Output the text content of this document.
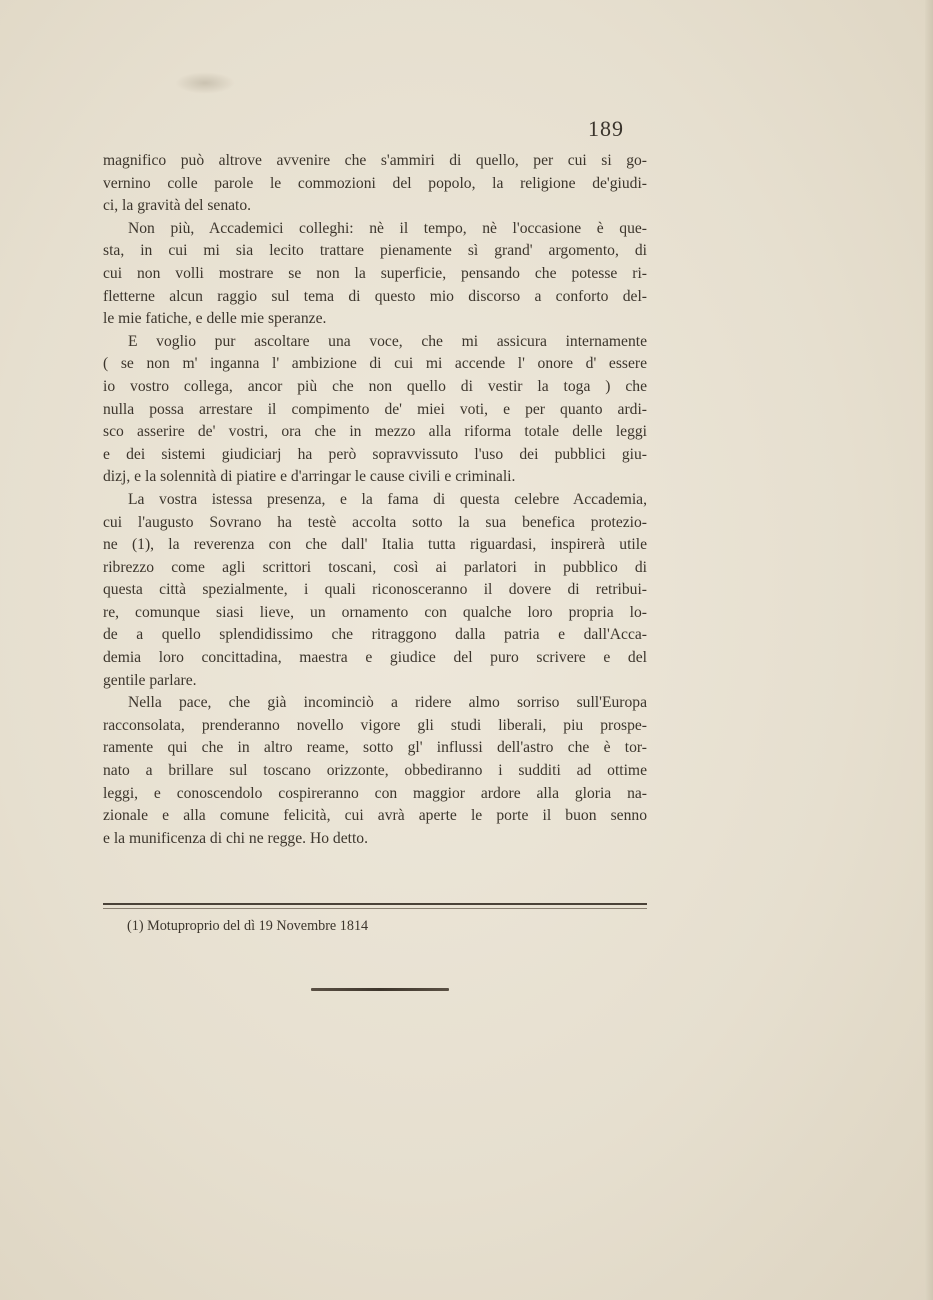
189
magnifico può altrove avvenire che s'ammiri di quello, per cui si go-
vernino colle parole le commozioni del popolo, la religione de'giudi-
ci, la gravità del senato.
Non più, Accademici colleghi: nè il tempo, nè l'occasione è que-
sta, in cui mi sia lecito trattare pienamente sì grand' argomento, di
cui non volli mostrare se non la superficie, pensando che potesse ri-
fletterne alcun raggio sul tema di questo mio discorso a conforto del-
le mie fatiche, e delle mie speranze.
E voglio pur ascoltare una voce, che mi assicura internamente
( se non m' inganna l' ambizione di cui mi accende l' onore d' essere
io vostro collega, ancor più che non quello di vestir la toga ) che
nulla possa arrestare il compimento de' miei voti, e per quanto ardi-
sco asserire de' vostri, ora che in mezzo alla riforma totale delle leggi
e dei sistemi giudiciarj ha però sopravvissuto l'uso dei pubblici giu-
dizj, e la solennità di piatire e d'arringar le cause civili e criminali.
La vostra istessa presenza, e la fama di questa celebre Accademia,
cui l'augusto Sovrano ha testè accolta sotto la sua benefica protezio-
ne (1), la reverenza con che dall' Italia tutta riguardasi, inspirerà utile
ribrezzo come agli scrittori toscani, così ai parlatori in pubblico di
questa città spezialmente, i quali riconosceranno il dovere di retribui-
re, comunque siasi lieve, un ornamento con qualche loro propria lo-
de a quello splendidissimo che ritraggono dalla patria e dall'Acca-
demia loro concittadina, maestra e giudice del puro scrivere e del
gentile parlare.
Nella pace, che già incominciò a ridere almo sorriso sull'Europa
racconsolata, prenderanno novello vigore gli studi liberali, piu prospe-
ramente qui che in altro reame, sotto gl' influssi dell'astro che è tor-
nato a brillare sul toscano orizzonte, obbediranno i sudditi ad ottime
leggi, e conoscendolo cospireranno con maggior ardore alla gloria na-
zionale e alla comune felicità, cui avrà aperte le porte il buon senno
e la munificenza di chi ne regge. Ho detto.
(1) Motuproprio del dì 19 Novembre 1814
